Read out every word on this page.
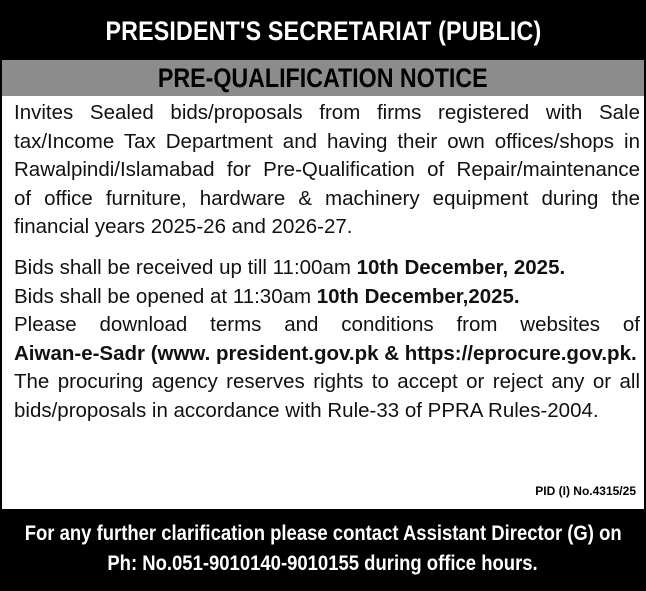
PRESIDENT'S SECRETARIAT (PUBLIC)
PRE-QUALIFICATION NOTICE

Invites Sealed bids/proposals from firms registered with Sale

tax/Income Tax Department and having their own offices/shops in

Rawalpindi/Islamabad for Pre-Qualification of Repair/maintenance

of office furniture, hardware & machinery equipment during the

financial years 2025-26 and 2026-27.

Bids shall be received up till 11:00am 10th December, 2025.

Bids shall be opened at 11:30am 10th December,2025.

Please download terms and conditions from websites of

Aiwan-e-Sadr (www. president.gov.pk & https://eprocure.gov.pk.

The procuring agency reserves rights to accept or reject any or all

bids/proposals in accordance with Rule-33 of PPRA Rules-2004.

PID (I) No.4315/25
For any further clarification please contact Assistant Director (G) on
Ph: No.051-9010140-9010155 during office hours.
